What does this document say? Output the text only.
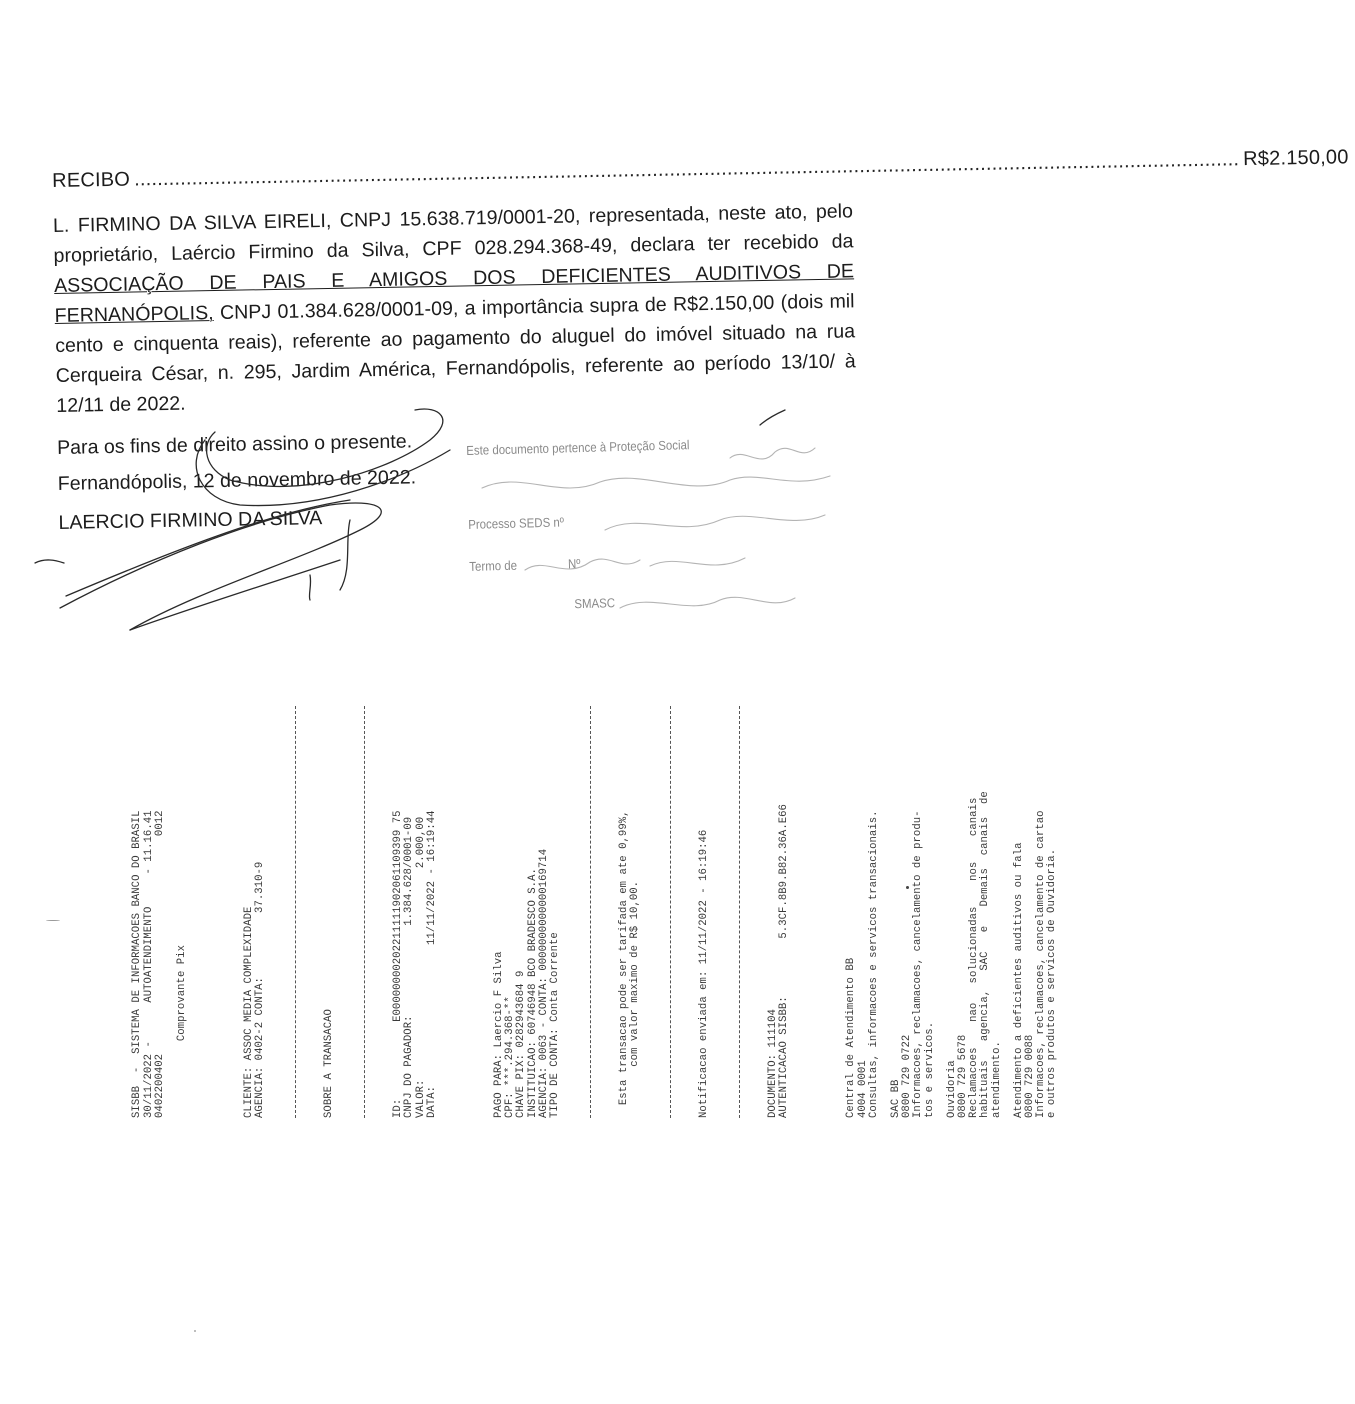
RECIBO
.....
R$2.150,00
L. FIRMINO DA SILVA EIRELI, CNPJ 15.638.719/0001-20, representada, neste ato, pelo proprietário, Laércio Firmino da Silva, CPF 028.294.368-49, declara ter recebido da ASSOCIAÇÃO DE PAIS E AMIGOS DOS DEFICIENTES AUDITIVOS DE FERNANÓPOLIS, CNPJ 01.384.628/0001-09, a importância supra de R$2.150,00 (dois mil cento e cinquenta reais), referente ao pagamento do aluguel do imóvel situado na rua Cerqueira César, n. 295, Jardim América, Fernandópolis, referente ao período 13/10/ à 12/11 de 2022.
Para os fins de direito assino o presente.
Fernandópolis, 12 de novembro de 2022.
LAERCIO FIRMINO DA SILVA
Este documento pertence à Proteção Social
Processo SEDS nº
Termo de	Nº
SMASC

SISBB  -  SISTEMA DE INFORMACOES BANCO DO BRASIL 30/11/2022 -      AUTOATENDIMENTO     - 11.16.41 0402200402                                  0012 Comprovante Pix

	CLIENTE: ASSOC MEDIA COMPLEXIDADE AGENCIA: 0402-2 CONTA:          37.310-9

	SOBRE A TRANSACAO

	ID:            E00000000202211111902061109399 75 CNPJ DO PAGADOR:              1.384.628/0001-09 VALOR:                                 2.000,00 DATA:                      11/11/2022 - 16:19:44

	PAGO PARA: Laercio F Silva CPF: ***.294.368-** CHAVE PIX: 0282943684 9 INSTITUICAO: 60746948 BCO BRADESCO S.A. AGENCIA: 0063 - CONTA: 0000000000000169714 TIPO DE CONTA: Conta Corrente

	Esta transacao pode ser tarifada em ate 0,99%, com valor maximo de R$ 10,00.

	Notificacao enviada em: 11/11/2022 - 16:19:46

	DOCUMENTO: 111104 AUTENTICACAO SISBB:         5.3CF.8B9.B82.36A.E66

	Central de Atendimento BB 4004 0001 Consultas, informacoes e servicos transacionais. SAC BB 0800 729 0722 Informacoes, reclamacoes, cancelamento de produ- tos e servicos. Ouvidoria 0800 729 5678 Reclamacoes    nao   solucionadas    nos    canais habituais   agencia,   SAC   e   Demais  canais  de atendimento. Atendimento a deficientes auditivos ou fala 0800 729 0088 Informacoes, reclamacoes, cancelamento de cartao e outros produtos e servicos de Ouvidoria.
